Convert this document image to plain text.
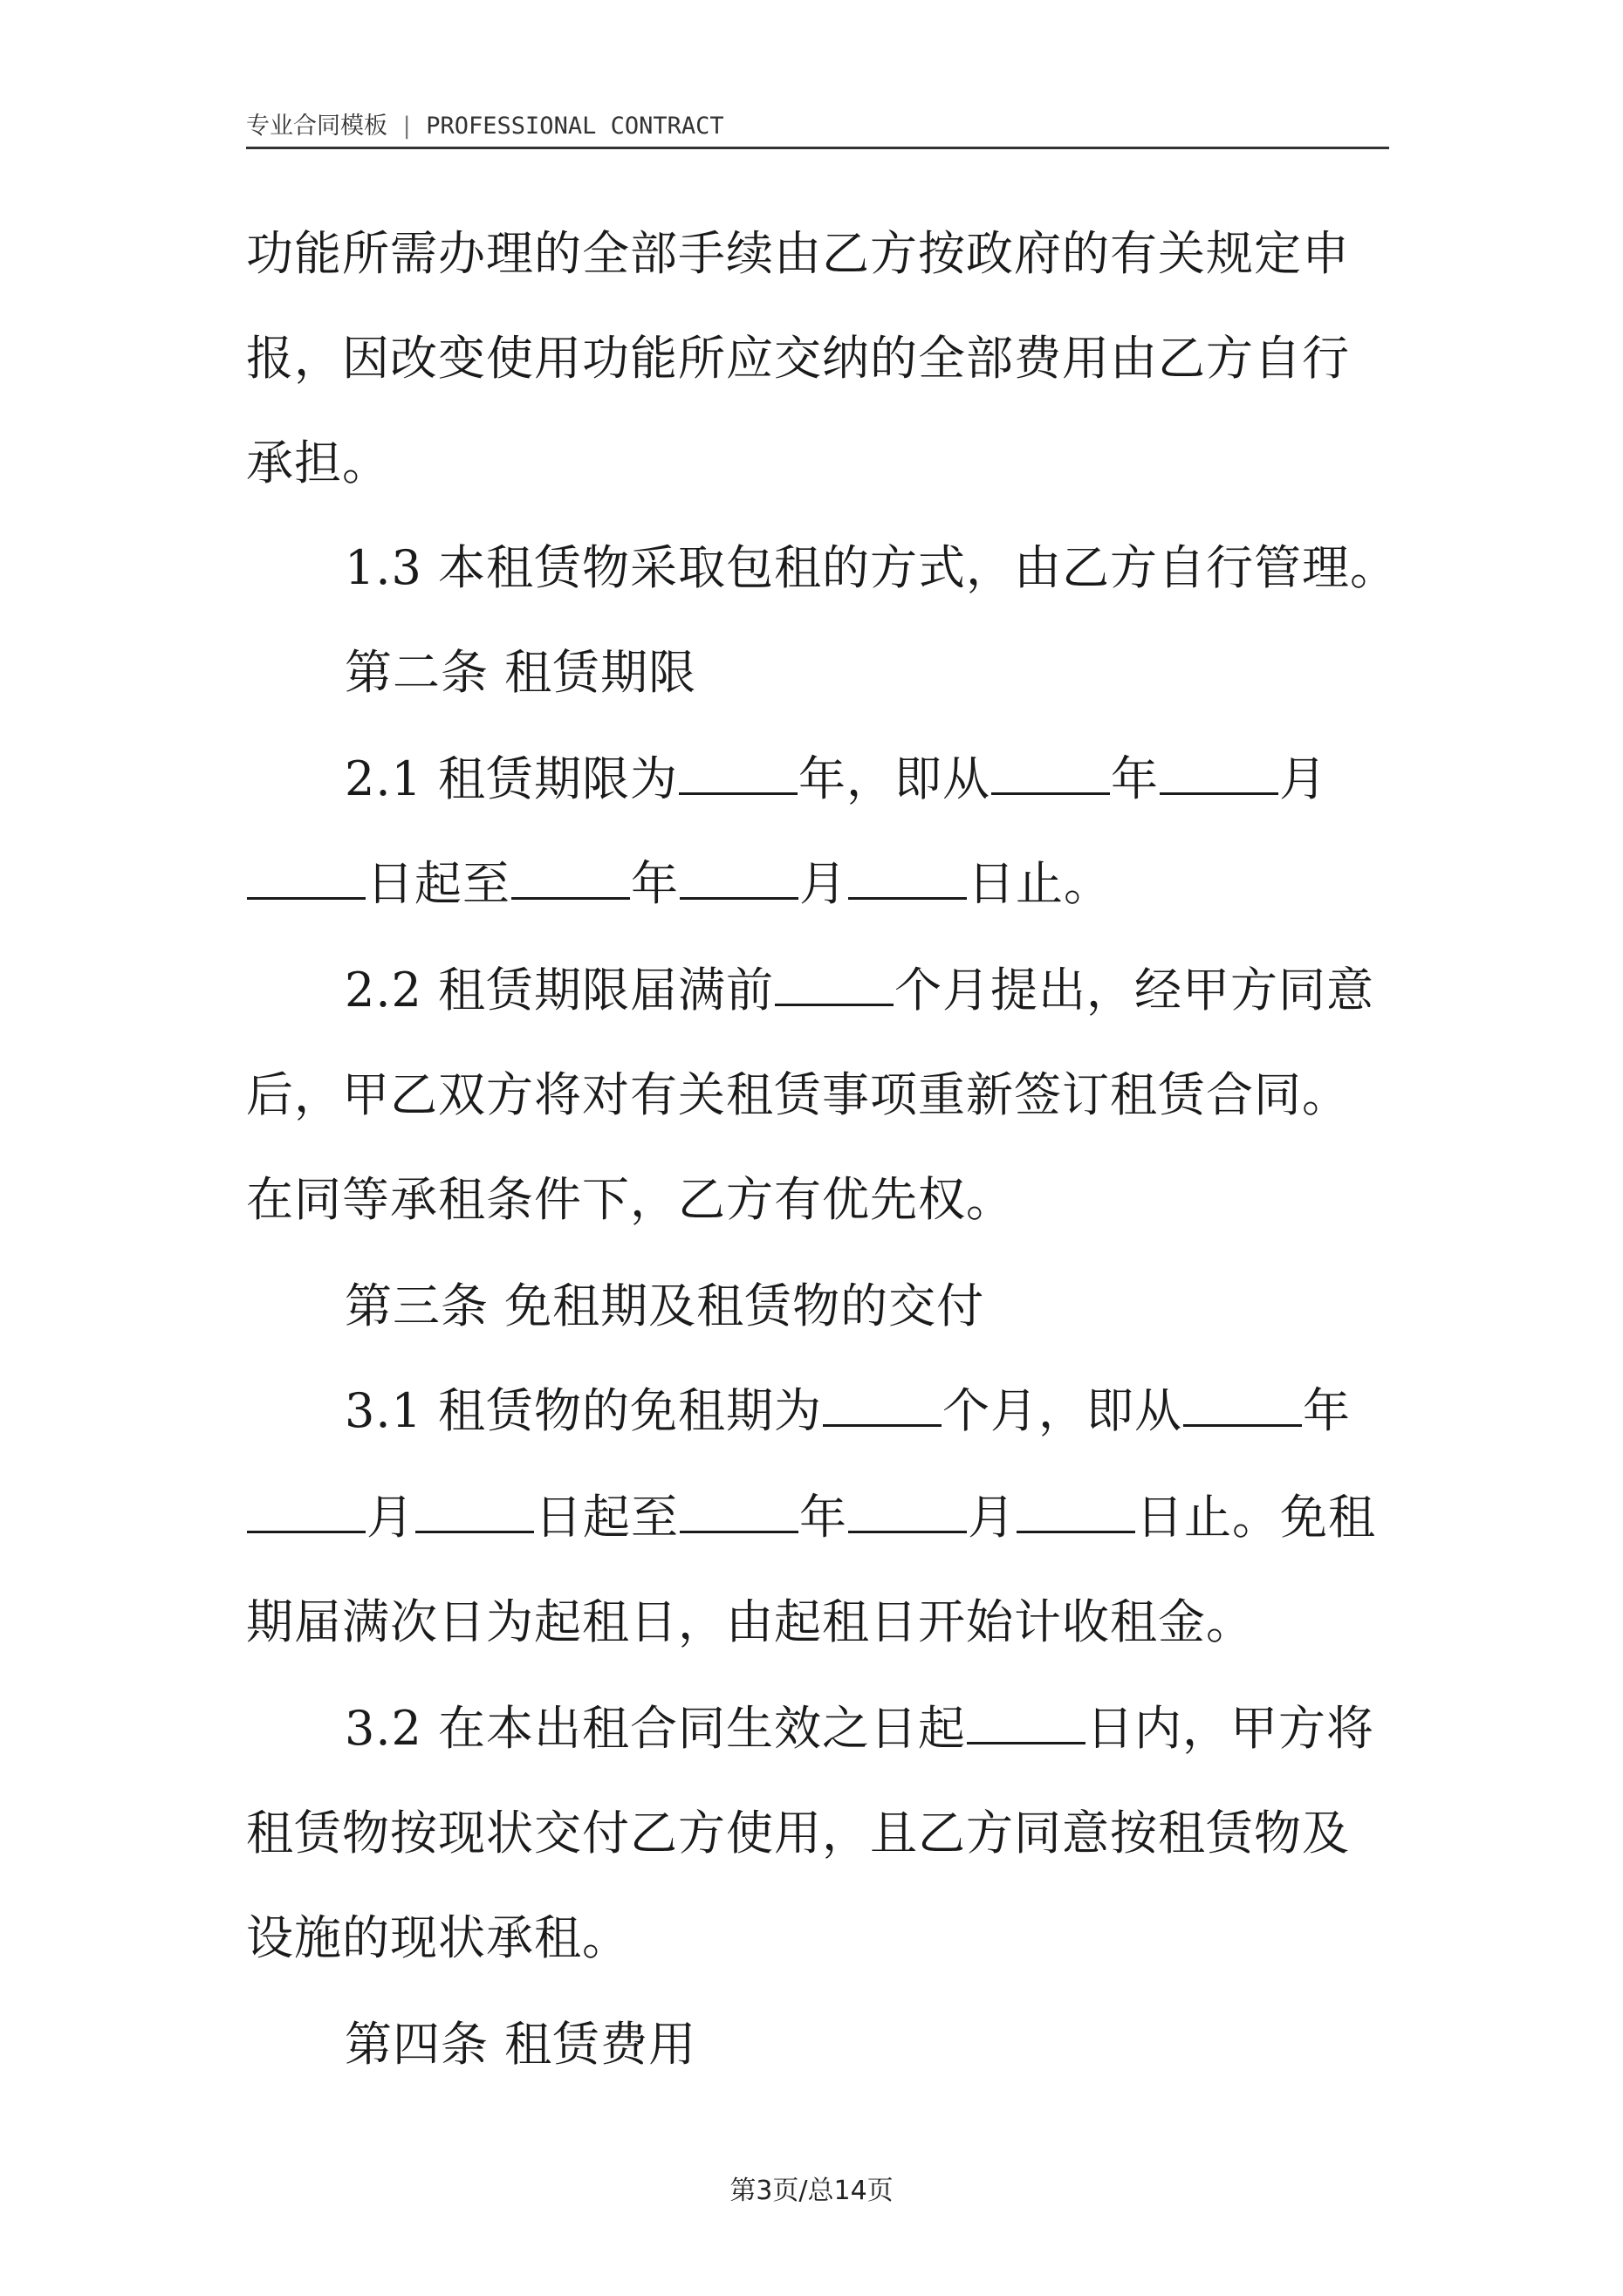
专业合同模板 | PROFESSIONAL CONTRACT
功能所需办理的全部手续由乙方按政府的有关规定申
报，因改变使用功能所应交纳的全部费用由乙方自行
承担。
1.3 本租赁物采取包租的方式，由乙方自行管理。
第二条 租赁期限
2.1 租赁期限为	年，即从	年	月
日起至	年	月	日止。
2.2 租赁期限届满前	个月提出，经甲方同意
后，甲乙双方将对有关租赁事项重新签订租赁合同。
在同等承租条件下，乙方有优先权。
第三条 免租期及租赁物的交付
3.1 租赁物的免租期为	个月，即从	年
月	日起至	年	月	日止。免租
期届满次日为起租日，由起租日开始计收租金。
3.2 在本出租合同生效之日起	日内，甲方将
租赁物按现状交付乙方使用，且乙方同意按租赁物及
设施的现状承租。
第四条 租赁费用
第3页/总14页
